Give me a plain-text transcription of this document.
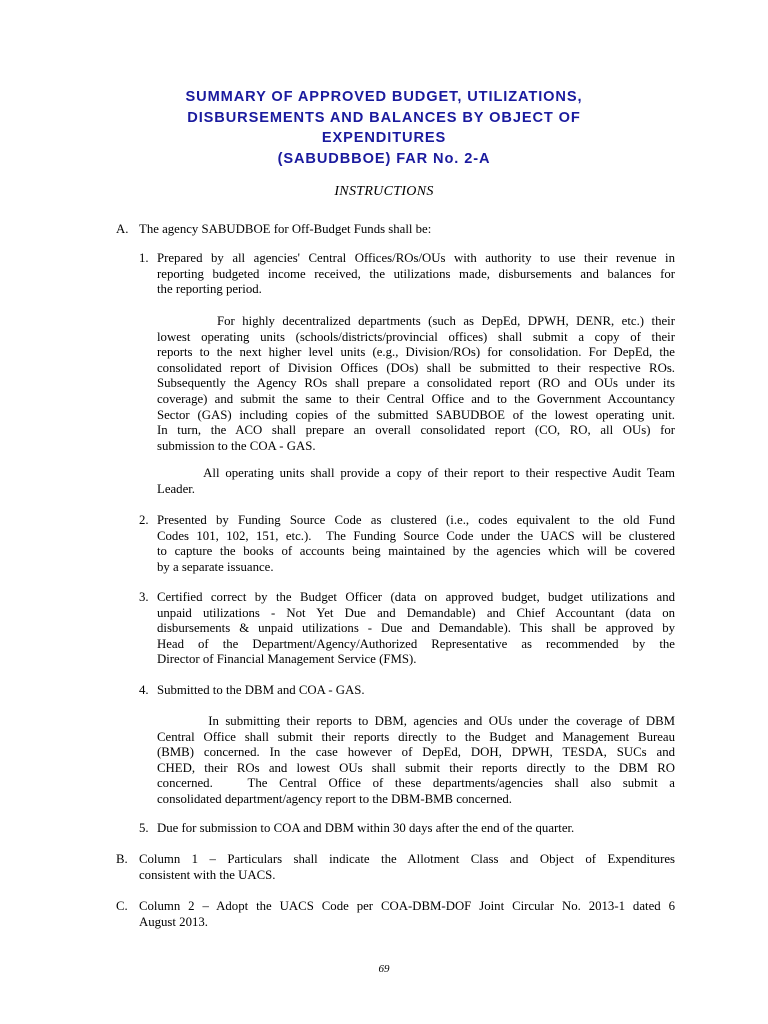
SUMMARY OF APPROVED BUDGET, UTILIZATIONS,
DISBURSEMENTS AND BALANCES BY OBJECT OF
EXPENDITURES
(SABUDBBOE) FAR No. 2-A
INSTRUCTIONS
A. The agency SABUDBOE for Off-Budget Funds shall be:
1. Prepared by all agencies' Central Offices/ROs/OUs with authority to use their revenue in
reporting budgeted income received, the utilizations made, disbursements and balances for
the reporting period.
For highly decentralized departments (such as DepEd, DPWH, DENR, etc.) their
lowest operating units (schools/districts/provincial offices) shall submit a copy of their
reports to the next higher level units (e.g., Division/ROs) for consolidation. For DepEd, the
consolidated report of Division Offices (DOs) shall be submitted to their respective ROs.
Subsequently the Agency ROs shall prepare a consolidated report (RO and OUs under its
coverage) and submit the same to their Central Office and to the Government Accountancy
Sector (GAS) including copies of the submitted SABUDBOE of the lowest operating unit.
In turn, the ACO shall prepare an overall consolidated report (CO, RO, all OUs) for
submission to the COA - GAS.
All operating units shall provide a copy of their report to their respective Audit Team
Leader.
2. Presented by Funding Source Code as clustered (i.e., codes equivalent to the old Fund
Codes 101, 102, 151, etc.).  The Funding Source Code under the UACS will be clustered
to capture the books of accounts being maintained by the agencies which will be covered
by a separate issuance.
3. Certified correct by the Budget Officer (data on approved budget, budget utilizations and
unpaid utilizations - Not Yet Due and Demandable) and Chief Accountant (data on
disbursements & unpaid utilizations - Due and Demandable). This shall be approved by
Head of the Department/Agency/Authorized Representative as recommended by the
Director of Financial Management Service (FMS).
4. Submitted to the DBM and COA - GAS.
In submitting their reports to DBM, agencies and OUs under the coverage of DBM
Central Office shall submit their reports directly to the Budget and Management Bureau
(BMB) concerned. In the case however of DepEd, DOH, DPWH, TESDA, SUCs and
CHED, their ROs and lowest OUs shall submit their reports directly to the DBM RO
concerned.   The Central Office of these departments/agencies shall also submit a
consolidated department/agency report to the DBM-BMB concerned.
5. Due for submission to COA and DBM within 30 days after the end of the quarter.
B. Column 1 – Particulars shall indicate the Allotment Class and Object of Expenditures
consistent with the UACS.
C. Column 2 – Adopt the UACS Code per COA-DBM-DOF Joint Circular No. 2013-1 dated 6
August 2013.
69
